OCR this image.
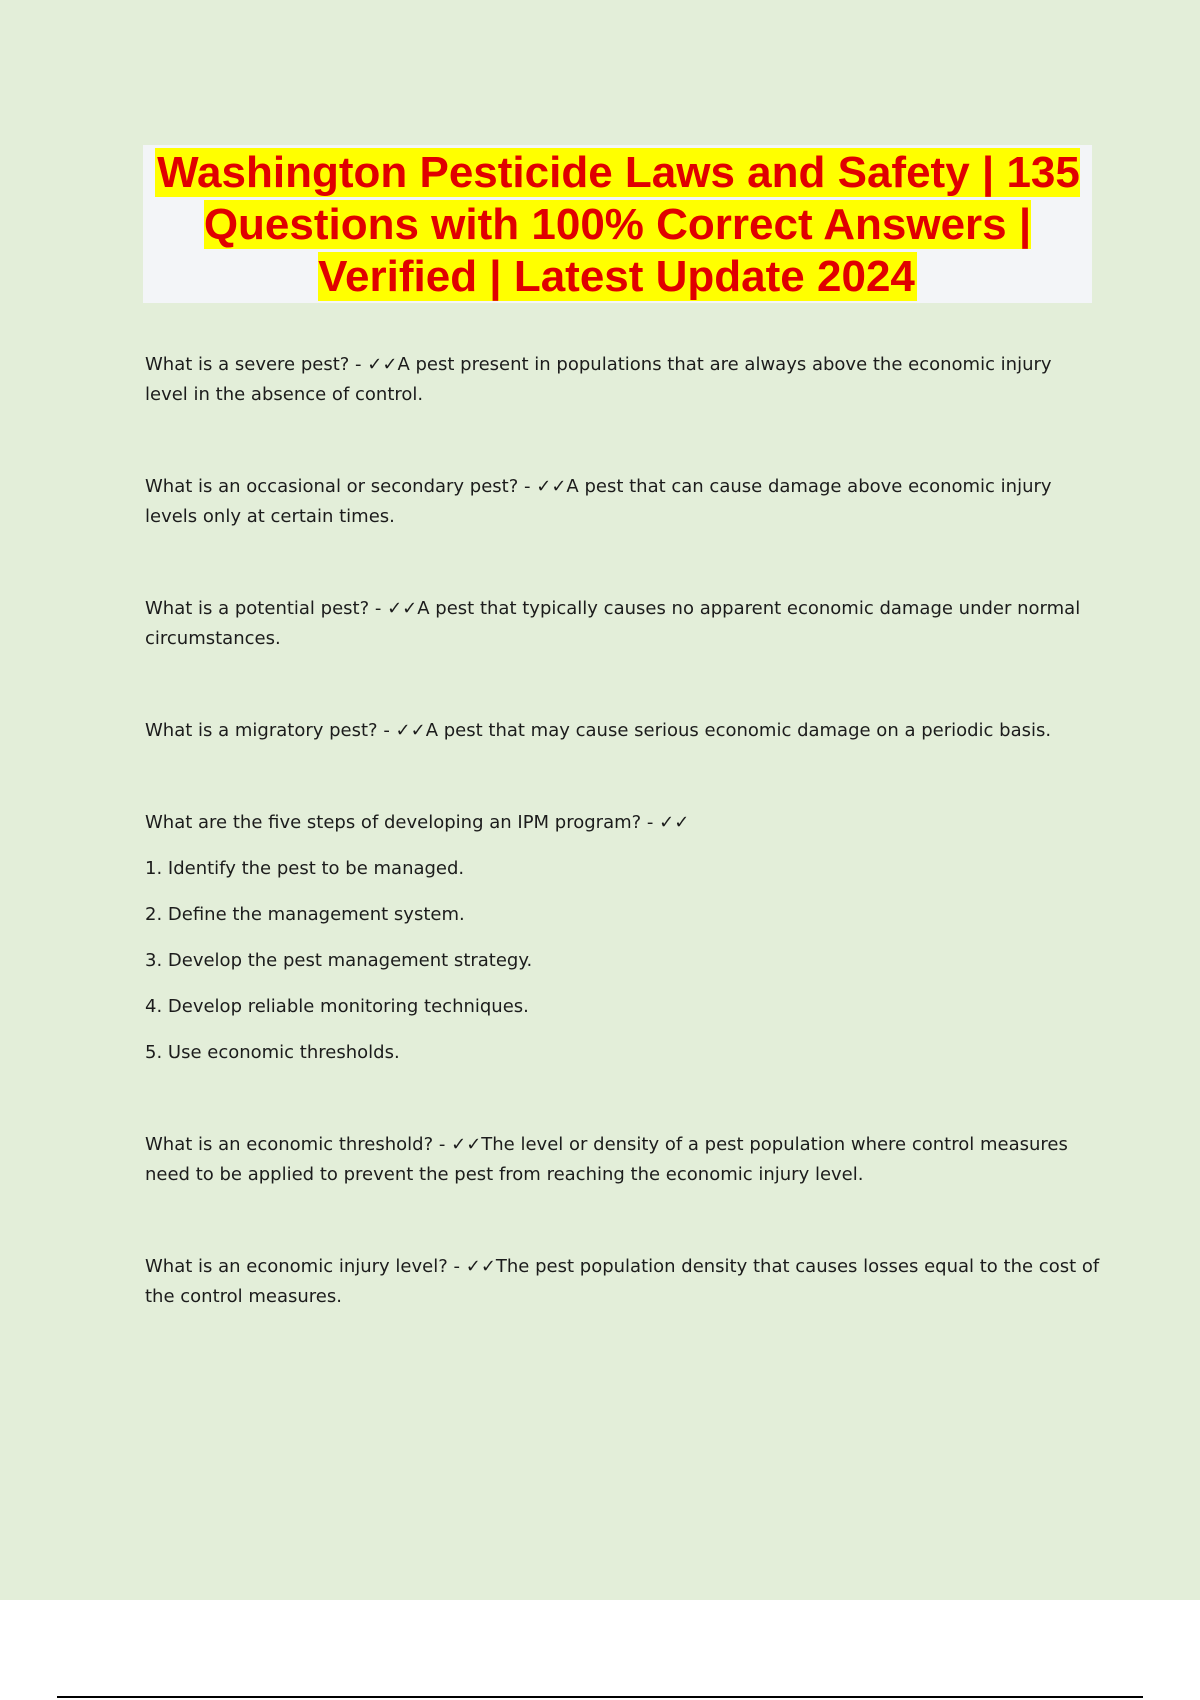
Washington Pesticide Laws and Safety | 135 Questions with 100% Correct Answers | Verified | Latest Update 2024

What is a severe pest? - ✓✓A pest present in populations that are always above the economic injury level in the absence of control.

What is an occasional or secondary pest? - ✓✓A pest that can cause damage above economic injury levels only at certain times.

What is a potential pest? - ✓✓A pest that typically causes no apparent economic damage under normal circumstances.

What is a migratory pest? - ✓✓A pest that may cause serious economic damage on a periodic basis.

What are the five steps of developing an IPM program? - ✓✓

1. Identify the pest to be managed.
2. Define the management system.
3. Develop the pest management strategy.
4. Develop reliable monitoring techniques.
5. Use economic thresholds.

What is an economic threshold? - ✓✓The level or density of a pest population where control measures need to be applied to prevent the pest from reaching the economic injury level.

What is an economic injury level? - ✓✓The pest population density that causes losses equal to the cost of the control measures.
